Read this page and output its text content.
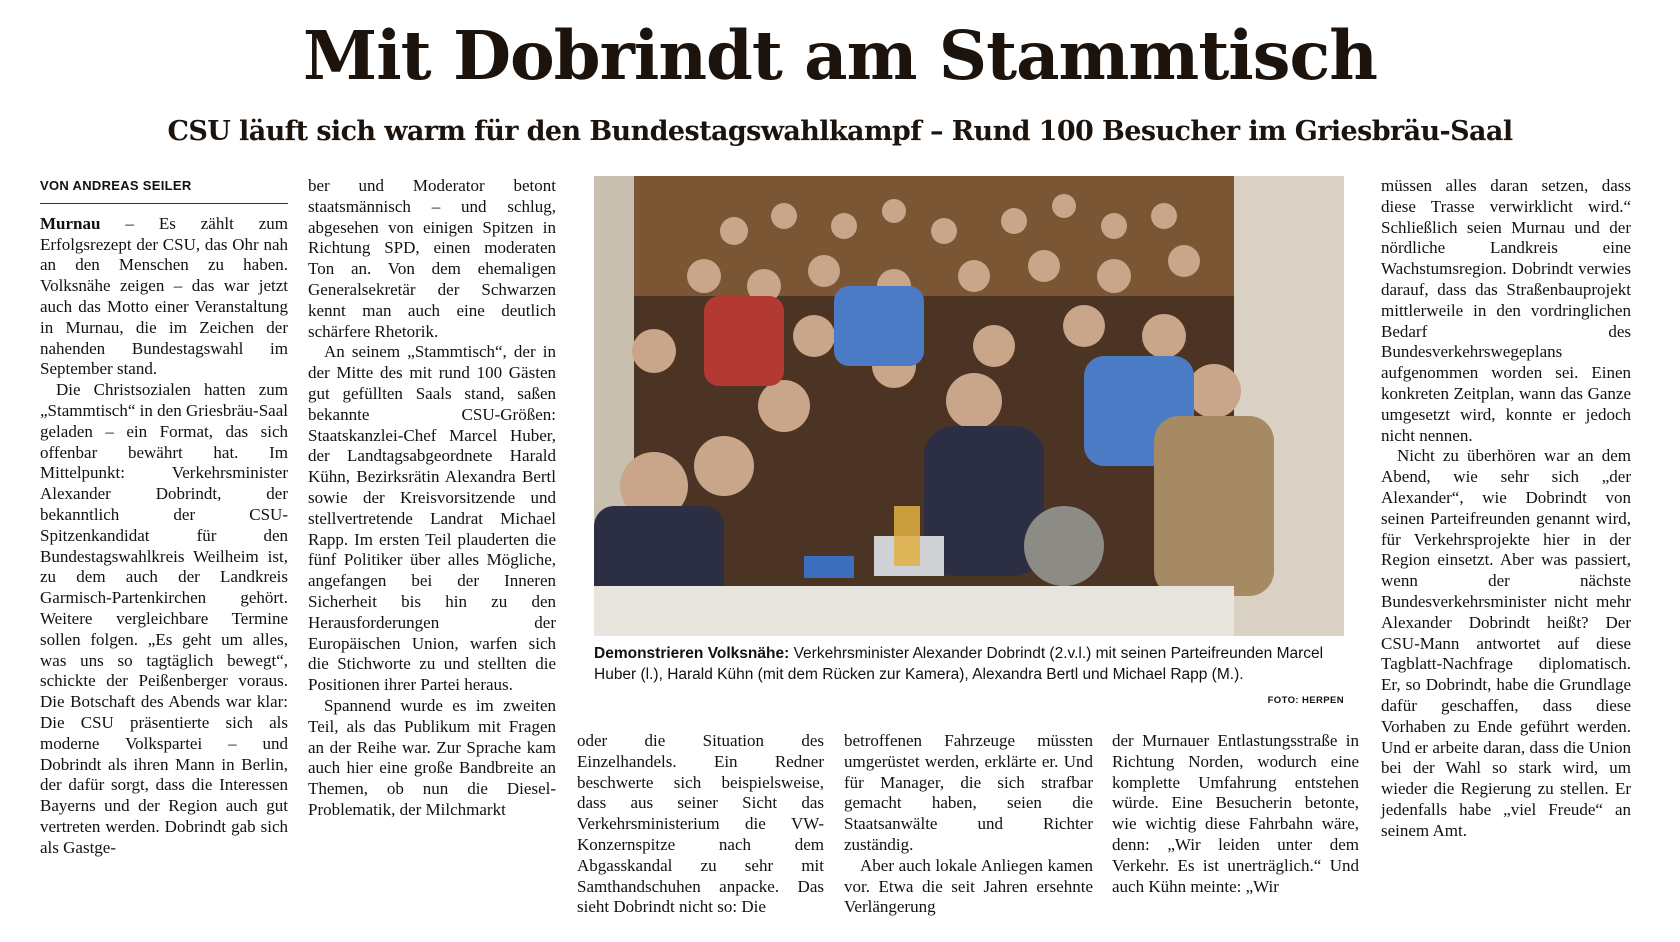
Mit Dobrindt am Stammtisch
CSU läuft sich warm für den Bundestagswahlkampf – Rund 100 Besucher im Griesbräu-Saal
VON ANDREAS SEILER

Murnau – Es zählt zum Erfolgsrezept der CSU, das Ohr nah an den Menschen zu haben. Volksnähe zeigen – das war jetzt auch das Motto einer Veranstaltung in Murnau, die im Zeichen der nahenden Bundestagswahl im September stand.

Die Christsozialen hatten zum „Stammtisch“ in den Griesbräu-Saal geladen – ein Format, das sich offenbar bewährt hat. Im Mittelpunkt: Verkehrsminister Alexander Dobrindt, der bekanntlich der CSU-Spitzenkandidat für den Bundestagswahlkreis Weilheim ist, zu dem auch der Landkreis Garmisch-Partenkirchen gehört. Weitere vergleichbare Termine sollen folgen. „Es geht um alles, was uns so tagtäglich bewegt“, schickte der Peißenberger voraus. Die Botschaft des Abends war klar: Die CSU präsentierte sich als moderne Volkspartei – und Dobrindt als ihren Mann in Berlin, der dafür sorgt, dass die Interessen Bayerns und der Region auch gut vertreten werden. Dobrindt gab sich als Gastge-

ber und Moderator betont staatsmännisch – und schlug, abgesehen von einigen Spitzen in Richtung SPD, einen moderaten Ton an. Von dem ehemaligen Generalsekretär der Schwarzen kennt man auch eine deutlich schärfere Rhetorik.

An seinem „Stammtisch“, der in der Mitte des mit rund 100 Gästen gut gefüllten Saals stand, saßen bekannte CSU-Größen: Staatskanzlei-Chef Marcel Huber, der Landtagsabgeordnete Harald Kühn, Bezirksrätin Alexandra Bertl sowie der Kreisvorsitzende und stellvertretende Landrat Michael Rapp. Im ersten Teil plauderten die fünf Politiker über alles Mögliche, angefangen bei der Inneren Sicherheit bis hin zu den Herausforderungen der Europäischen Union, warfen sich die Stichworte zu und stellten die Positionen ihrer Partei heraus.

Spannend wurde es im zweiten Teil, als das Publikum mit Fragen an der Reihe war. Zur Sprache kam auch hier eine große Bandbreite an Themen, ob nun die Diesel-Problematik, der Milchmarkt

Demonstrieren Volksnähe: Verkehrsminister Alexander Dobrindt (2.v.l.) mit seinen Parteifreunden Marcel Huber (l.), Harald Kühn (mit dem Rücken zur Kamera), Alexandra Bertl und Michael Rapp (M.).
FOTO: HERPEN

oder die Situation des Einzelhandels. Ein Redner beschwerte sich beispielsweise, dass aus seiner Sicht das Verkehrsministerium die VW-Konzernspitze nach dem Abgasskandal zu sehr mit Samthandschuhen anpacke. Das sieht Dobrindt nicht so: Die

betroffenen Fahrzeuge müssten umgerüstet werden, erklärte er. Und für Manager, die sich strafbar gemacht haben, seien die Staatsanwälte und Richter zuständig.

Aber auch lokale Anliegen kamen vor. Etwa die seit Jahren ersehnte Verlängerung

der Murnauer Entlastungsstraße in Richtung Norden, wodurch eine komplette Umfahrung entstehen würde. Eine Besucherin betonte, wie wichtig diese Fahrbahn wäre, denn: „Wir leiden unter dem Verkehr. Es ist unerträglich.“ Und auch Kühn meinte: „Wir

müssen alles daran setzen, dass diese Trasse verwirklicht wird.“ Schließlich seien Murnau und der nördliche Landkreis eine Wachstumsregion. Dobrindt verwies darauf, dass das Straßenbauprojekt mittlerweile in den vordringlichen Bedarf des Bundesverkehrswegeplans aufgenommen worden sei. Einen konkreten Zeitplan, wann das Ganze umgesetzt wird, konnte er jedoch nicht nennen.

Nicht zu überhören war an dem Abend, wie sehr sich „der Alexander“, wie Dobrindt von seinen Parteifreunden genannt wird, für Verkehrsprojekte hier in der Region einsetzt. Aber was passiert, wenn der nächste Bundesverkehrsminister nicht mehr Alexander Dobrindt heißt? Der CSU-Mann antwortet auf diese Tagblatt-Nachfrage diplomatisch. Er, so Dobrindt, habe die Grundlage dafür geschaffen, dass diese Vorhaben zu Ende geführt werden. Und er arbeite daran, dass die Union bei der Wahl so stark wird, um wieder die Regierung zu stellen. Er jedenfalls habe „viel Freude“ an seinem Amt.
